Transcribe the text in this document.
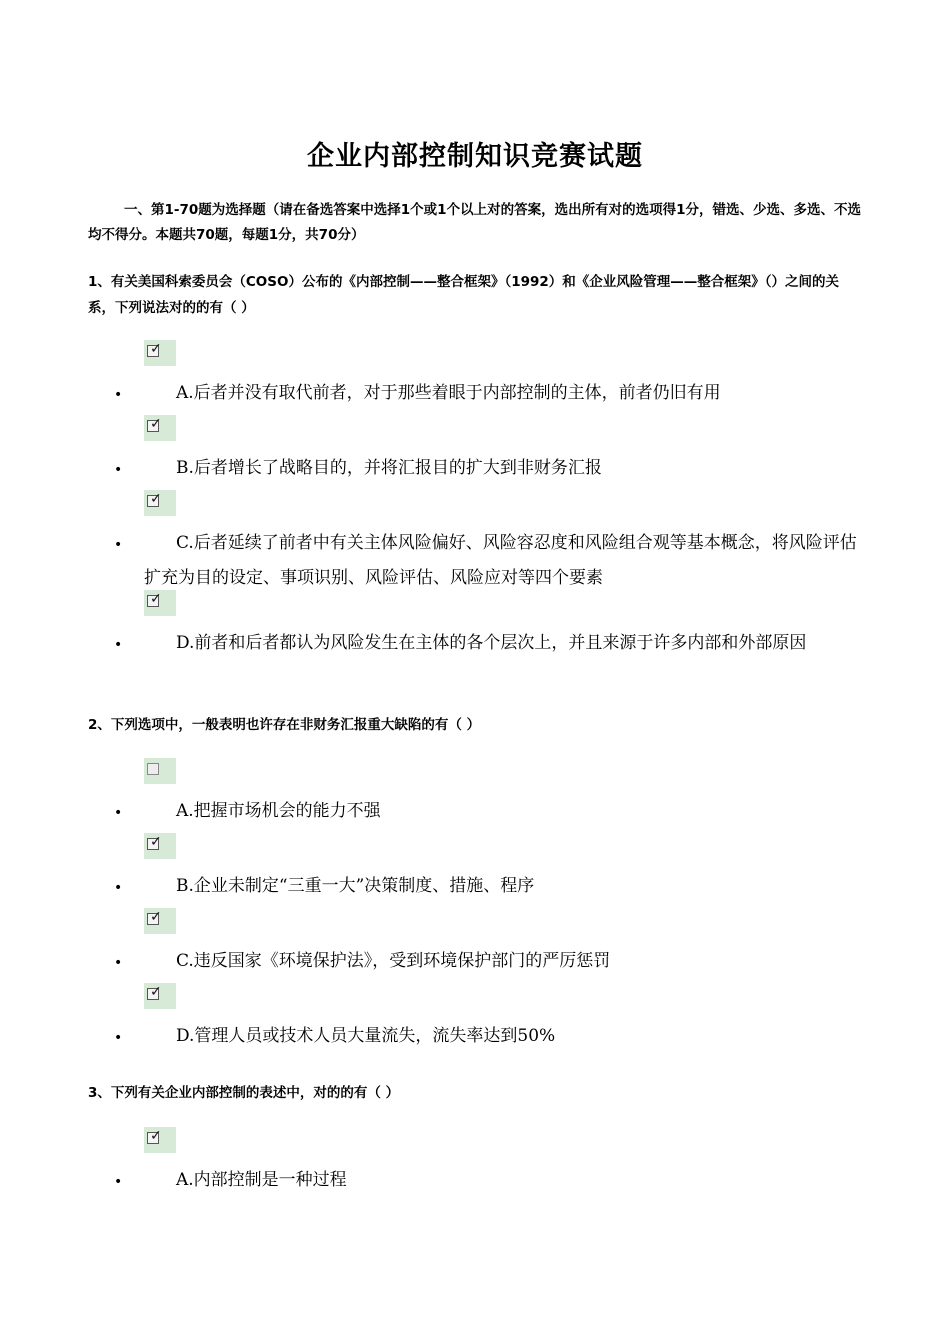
企业内部控制知识竞赛试题
一、第1-70题为选择题（请在备选答案中选择1个或1个以上对的答案，选出所有对的选项得1分，错选、少选、多选、不选均不得分。本题共70题，每题1分，共70分）
1、有关美国科索委员会（COSO）公布的《内部控制——整合框架》（1992）和《企业风险管理——整合框架》（）之间的关系，下列说法对的的有（ ）
✓
•	A.后者并没有取代前者，对于那些着眼于内部控制的主体，前者仍旧有用
✓
•	B.后者增长了战略目的，并将汇报目的扩大到非财务汇报
✓
•	C.后者延续了前者中有关主体风险偏好、风险容忍度和风险组合观等基本概念，将风险评估扩充为目的设定、事项识别、风险评估、风险应对等四个要素
✓
•	D.前者和后者都认为风险发生在主体的各个层次上，并且来源于许多内部和外部原因
2、下列选项中，一般表明也许存在非财务汇报重大缺陷的有（ ）
•	A.把握市场机会的能力不强
✓
•	B.企业未制定“三重一大”决策制度、措施、程序
✓
•	C.违反国家《环境保护法》，受到环境保护部门的严厉惩罚
✓
•	D.管理人员或技术人员大量流失，流失率达到50%
3、下列有关企业内部控制的表述中，对的的有（ ）
✓
•	A.内部控制是一种过程
